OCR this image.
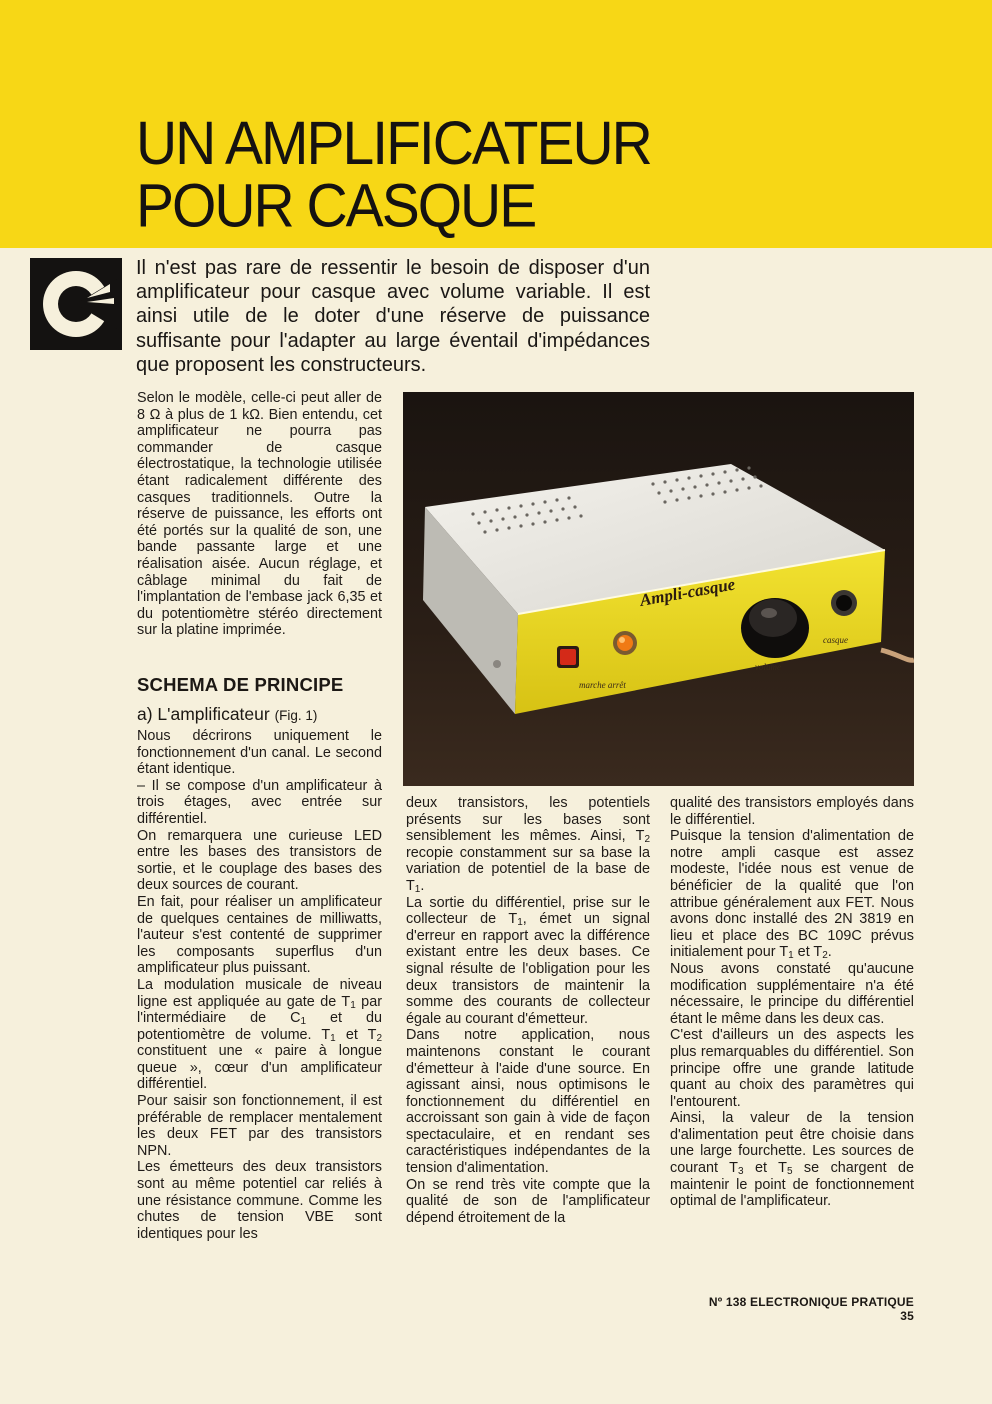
UN AMPLIFICATEUR
POUR CASQUE

Il n'est pas rare de ressentir le besoin de disposer d'un amplificateur pour casque avec volume variable. Il est ainsi utile de le doter d'une réserve de puissance suffisante pour l'adapter au large éventail d'impédances que proposent les constructeurs.

Selon le modèle, celle-ci peut aller de 8 Ω à plus de 1 kΩ. Bien entendu, cet amplificateur ne pourra pas commander de casque électrostatique, la technologie utilisée étant radicalement différente des casques traditionnels. Outre la réserve de puissance, les efforts ont été portés sur la qualité de son, une bande passante large et une réalisation aisée. Aucun réglage, et câblage minimal du fait de l'implantation de l'embase jack 6,35 et du potentiomètre stéréo directement sur la platine imprimée.

SCHEMA DE PRINCIPE
a) L'amplificateur (Fig. 1)

Nous décrirons uniquement le fonctionnement d'un canal. Le second étant identique.

– Il se compose d'un amplificateur à trois étages, avec entrée sur différentiel.

On remarquera une curieuse LED entre les bases des transistors de sortie, et le couplage des bases des deux sources de courant.

En fait, pour réaliser un amplificateur de quelques centaines de milliwatts, l'auteur s'est contenté de supprimer les composants superflus d'un amplificateur plus puissant.

La modulation musicale de niveau ligne est appliquée au gate de $T_1$ par l'intermédiaire de $C_1$ et du potentiomètre de volume. $T_1$ et $T_2$ constituent une « paire à longue queue », cœur d'un amplificateur différentiel.

Pour saisir son fonctionnement, il est préférable de remplacer mentalement les deux FET par des transistors NPN.

Les émetteurs des deux transistors sont au même potentiel car reliés à une résistance commune. Comme les chutes de tension VBE sont identiques pour les

Ampli-casque
marche arrêt
volume
casque

deux transistors, les potentiels présents sur les bases sont sensiblement les mêmes. Ainsi, $T_2$ recopie constamment sur sa base la variation de potentiel de la base de $T_1$.

La sortie du différentiel, prise sur le collecteur de $T_1$, émet un signal d'erreur en rapport avec la différence existant entre les deux bases. Ce signal résulte de l'obligation pour les deux transistors de maintenir la somme des courants de collecteur égale au courant d'émetteur.

Dans notre application, nous maintenons constant le courant d'émetteur à l'aide d'une source. En agissant ainsi, nous optimisons le fonctionnement du différentiel en accroissant son gain à vide de façon spectaculaire, et en rendant ses caractéristiques indépendantes de la tension d'alimentation.

On se rend très vite compte que la qualité de son de l'amplificateur dépend étroitement de la

qualité des transistors employés dans le différentiel.

Puisque la tension d'alimentation de notre ampli casque est assez modeste, l'idée nous est venue de bénéficier de la qualité que l'on attribue généralement aux FET. Nous avons donc installé des 2N 3819 en lieu et place des BC 109C prévus initialement pour $T_1$ et $T_2$.

Nous avons constaté qu'aucune modification supplémentaire n'a été nécessaire, le principe du différentiel étant le même dans les deux cas.

C'est d'ailleurs un des aspects les plus remarquables du différentiel. Son principe offre une grande latitude quant au choix des paramètres qui l'entourent.

Ainsi, la valeur de la tension d'alimentation peut être choisie dans une large fourchette. Les sources de courant $T_3$ et $T_5$ se chargent de maintenir le point de fonctionnement optimal de l'amplificateur.

Nº 138 ELECTRONIQUE PRATIQUE 35
